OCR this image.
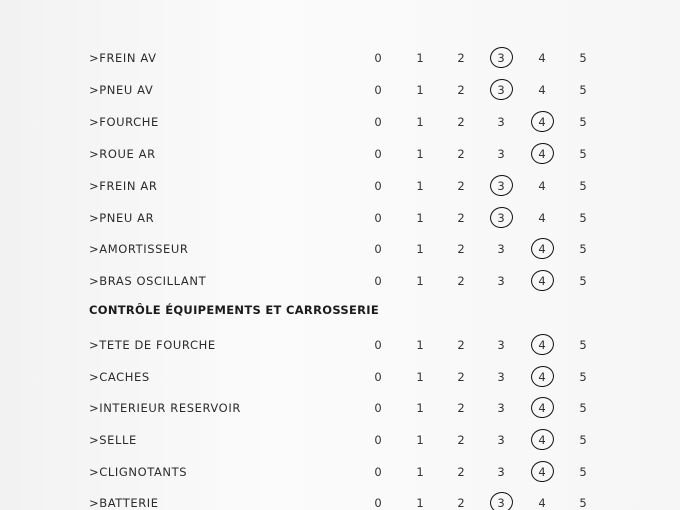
CONTRÔLE ÉQUIPEMENTS ET CARROSSERIE
>FREIN AV	0	1	2	3	4	5
>PNEU AV	0	1	2	3	4	5
>FOURCHE	0	1	2	3	4	5
>ROUE AR	0	1	2	3	4	5
>FREIN AR	0	1	2	3	4	5
>PNEU AR	0	1	2	3	4	5
>AMORTISSEUR	0	1	2	3	4	5
>BRAS OSCILLANT	0	1	2	3	4	5
>TETE DE FOURCHE	0	1	2	3	4	5
>CACHES	0	1	2	3	4	5
>INTERIEUR RESERVOIR	0	1	2	3	4	5
>SELLE	0	1	2	3	4	5
>CLIGNOTANTS	0	1	2	3	4	5
>BATTERIE	0	1	2	3	4	5
